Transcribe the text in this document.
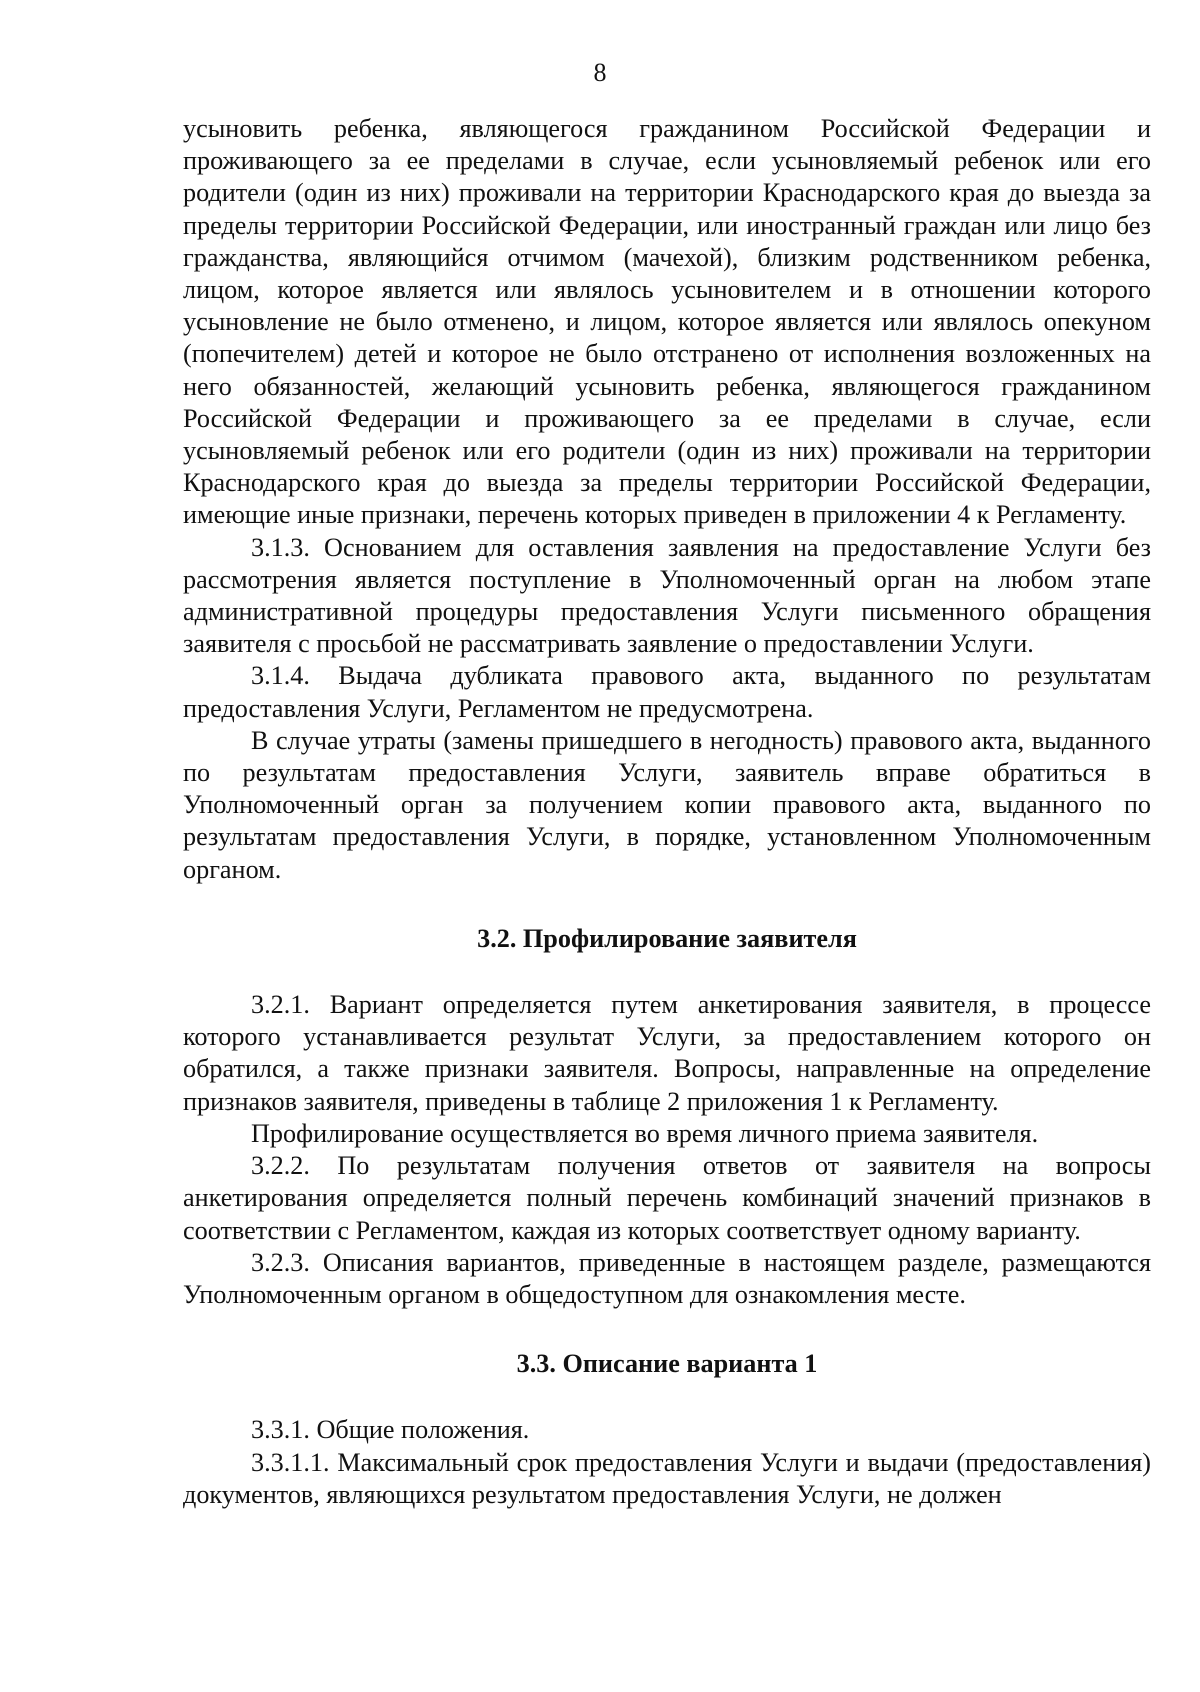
8

усыновить ребенка, являющегося гражданином Российской Федерации и проживающего за ее пределами в случае, если усыновляемый ребенок или его родители (один из них) проживали на территории Краснодарского края до выезда за пределы территории Российской Федерации, или иностранный граждан или лицо без гражданства, являющийся отчимом (мачехой), близким родственником ребенка, лицом, которое является или являлось усыновителем и в отношении которого усыновление не было отменено, и лицом, которое является или являлось опекуном (попечителем) детей и которое не было отстранено от исполнения возложенных на него обязанностей, желающий усыновить ребенка, являющегося гражданином Российской Федерации и проживающего за ее пределами в случае, если усыновляемый ребенок или его родители (один из них) проживали на территории Краснодарского края до выезда за пределы территории Российской Федерации, имеющие иные признаки, перечень которых приведен в приложении 4 к Регламенту.

3.1.3. Основанием для оставления заявления на предоставление Услуги без рассмотрения является поступление в Уполномоченный орган на любом этапе административной процедуры предоставления Услуги письменного обращения заявителя с просьбой не рассматривать заявление о предоставлении Услуги.

3.1.4. Выдача дубликата правового акта, выданного по результатам предоставления Услуги, Регламентом не предусмотрена.

В случае утраты (замены пришедшего в негодность) правового акта, выданного по результатам предоставления Услуги, заявитель вправе обратиться в Уполномоченный орган за получением копии правового акта, выданного по результатам предоставления Услуги, в порядке, установленном Уполномоченным органом.

3.2. Профилирование заявителя

3.2.1. Вариант определяется путем анкетирования заявителя, в процессе которого устанавливается результат Услуги, за предоставлением которого он обратился, а также признаки заявителя. Вопросы, направленные на определение признаков заявителя, приведены в таблице 2 приложения 1 к Регламенту.

Профилирование осуществляется во время личного приема заявителя.

3.2.2. По результатам получения ответов от заявителя на вопросы анкетирования определяется полный перечень комбинаций значений признаков в соответствии с Регламентом, каждая из которых соответствует одному варианту.

3.2.3. Описания вариантов, приведенные в настоящем разделе, размещаются Уполномоченным органом в общедоступном для ознакомления месте.

3.3. Описание варианта 1

3.3.1. Общие положения.

3.3.1.1. Максимальный срок предоставления Услуги и выдачи (предоставления) документов, являющихся результатом предоставления Услуги, не должен
